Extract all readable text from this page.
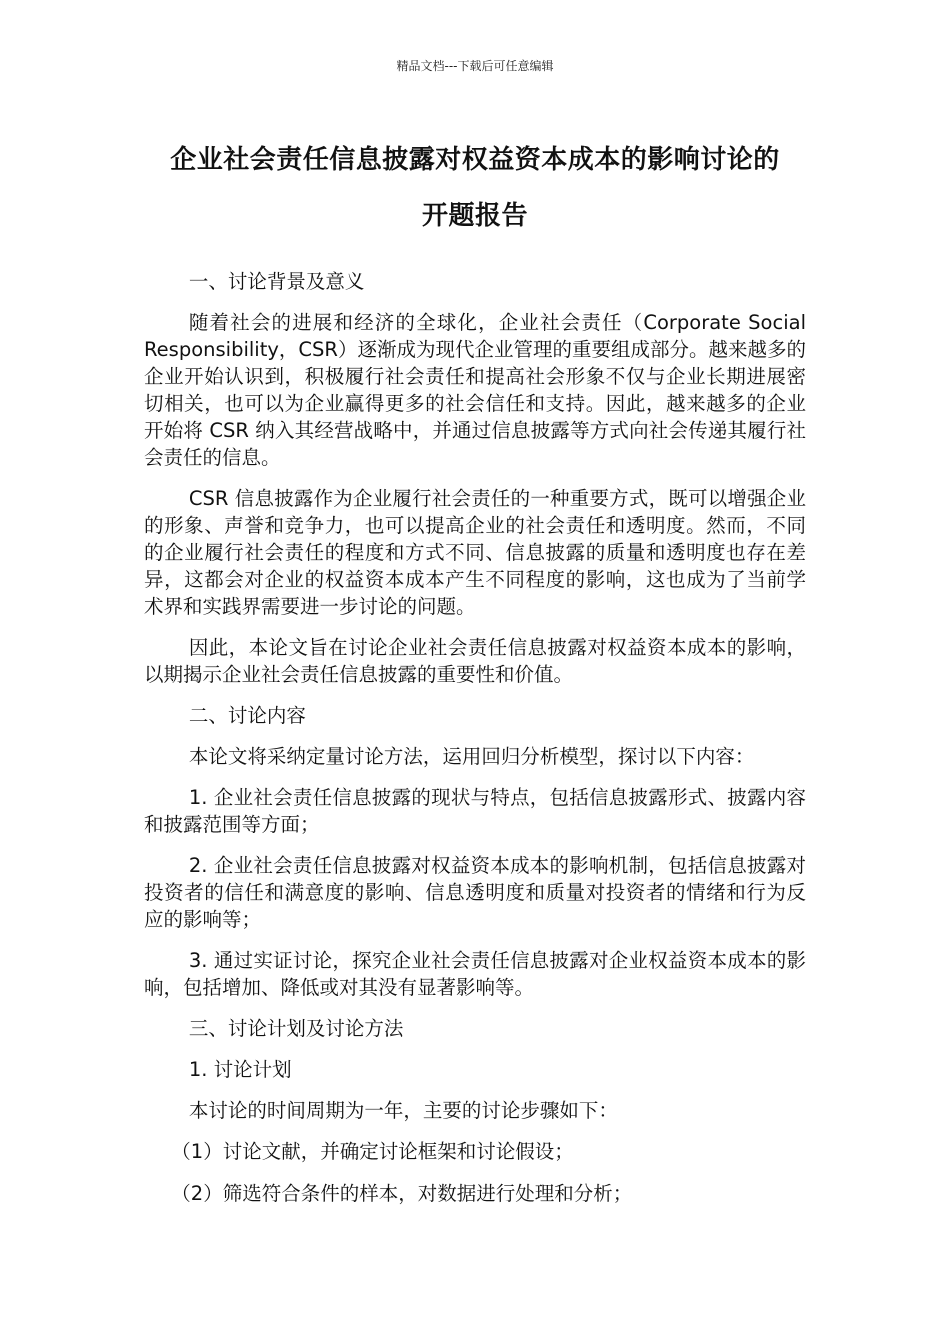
精品文档---下载后可任意编辑
企业社会责任信息披露对权益资本成本的影响讨论的
开题报告

一、讨论背景及意义

随着社会的进展和经济的全球化，企业社会责任（Corporate Social Responsibility，CSR）逐渐成为现代企业管理的重要组成部分。越来越多的企业开始认识到，积极履行社会责任和提高社会形象不仅与企业长期进展密切相关，也可以为企业赢得更多的社会信任和支持。因此，越来越多的企业开始将 CSR 纳入其经营战略中，并通过信息披露等方式向社会传递其履行社会责任的信息。

CSR 信息披露作为企业履行社会责任的一种重要方式，既可以增强企业的形象、声誉和竞争力，也可以提高企业的社会责任和透明度。然而，不同的企业履行社会责任的程度和方式不同、信息披露的质量和透明度也存在差异，这都会对企业的权益资本成本产生不同程度的影响，这也成为了当前学术界和实践界需要进一步讨论的问题。

因此，本论文旨在讨论企业社会责任信息披露对权益资本成本的影响，以期揭示企业社会责任信息披露的重要性和价值。

二、讨论内容

本论文将采纳定量讨论方法，运用回归分析模型，探讨以下内容：

1. 企业社会责任信息披露的现状与特点，包括信息披露形式、披露内容和披露范围等方面；

2. 企业社会责任信息披露对权益资本成本的影响机制，包括信息披露对投资者的信任和满意度的影响、信息透明度和质量对投资者的情绪和行为反应的影响等；

3. 通过实证讨论，探究企业社会责任信息披露对企业权益资本成本的影响，包括增加、降低或对其没有显著影响等。

三、讨论计划及讨论方法

1. 讨论计划

本讨论的时间周期为一年，主要的讨论步骤如下：

（1）讨论文献，并确定讨论框架和讨论假设；

（2）筛选符合条件的样本，对数据进行处理和分析；
